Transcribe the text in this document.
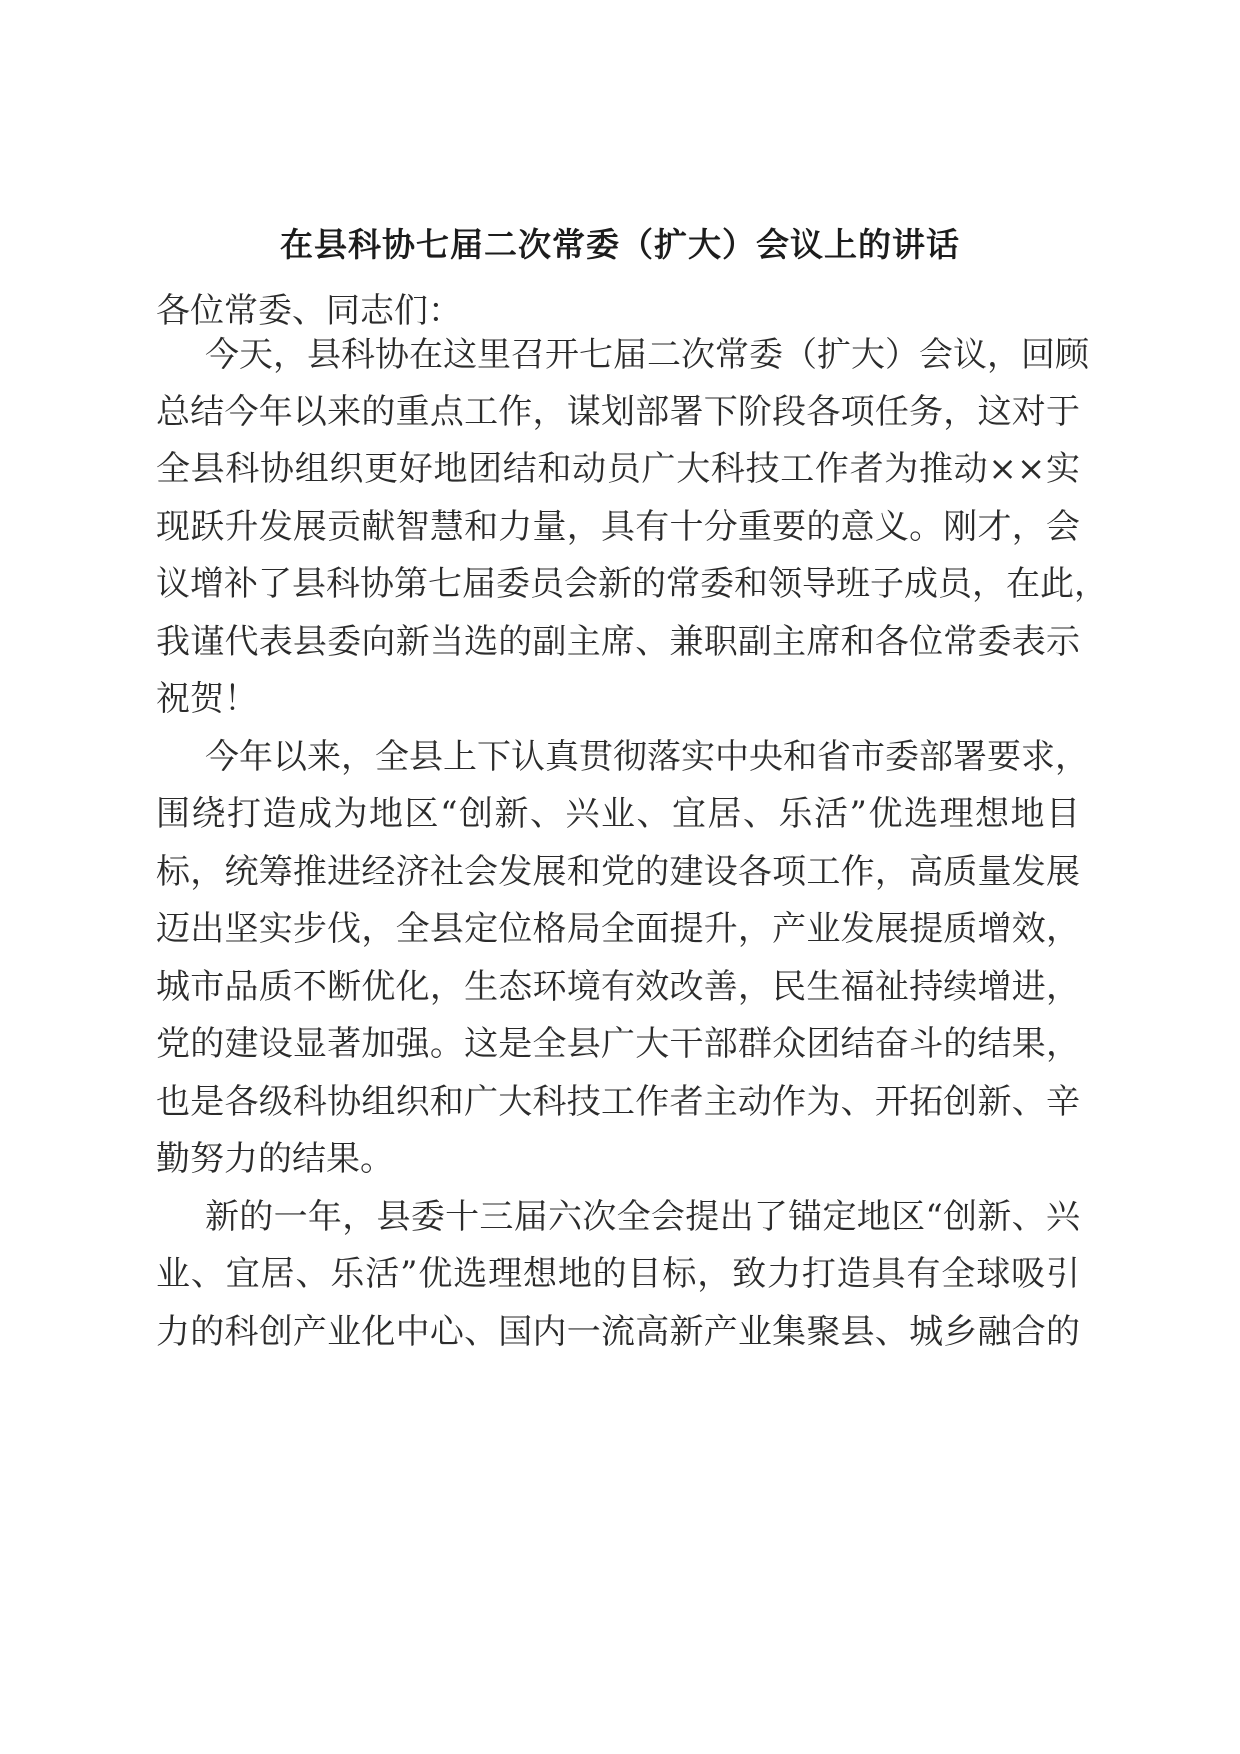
在县科协七届二次常委（扩大）会议上的讲话
各位常委、同志们：
今天，县科协在这里召开七届二次常委（扩大）会议，回顾
总结今年以来的重点工作，谋划部署下阶段各项任务，这对于
全县科协组织更好地团结和动员广大科技工作者为推动××实
现跃升发展贡献智慧和力量，具有十分重要的意义。刚才，会
议增补了县科协第七届委员会新的常委和领导班子成员，在此，
我谨代表县委向新当选的副主席、兼职副主席和各位常委表示
祝贺！
今年以来，全县上下认真贯彻落实中央和省市委部署要求，
围绕打造成为地区“创新、兴业、宜居、乐活”优选理想地目
标，统筹推进经济社会发展和党的建设各项工作，高质量发展
迈出坚实步伐，全县定位格局全面提升，产业发展提质增效，
城市品质不断优化，生态环境有效改善，民生福祉持续增进，
党的建设显著加强。这是全县广大干部群众团结奋斗的结果，
也是各级科协组织和广大科技工作者主动作为、开拓创新、辛
勤努力的结果。
新的一年，县委十三届六次全会提出了锚定地区“创新、兴
业、宜居、乐活”优选理想地的目标，致力打造具有全球吸引
力的科创产业化中心、国内一流高新产业集聚县、城乡融合的
